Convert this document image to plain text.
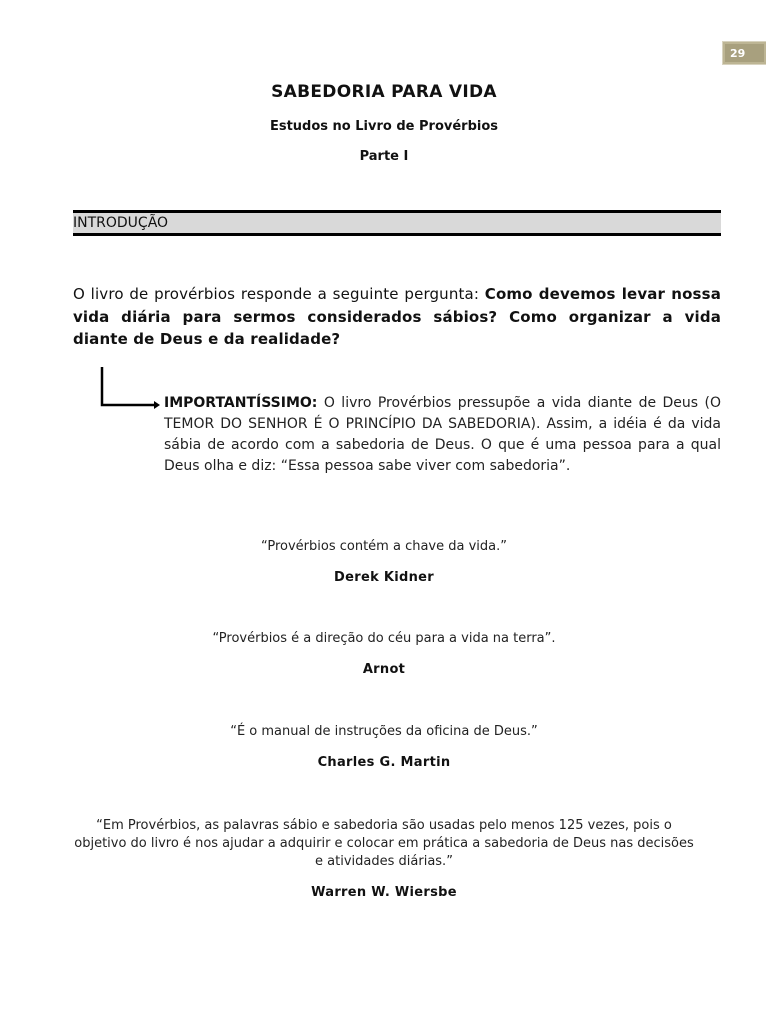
29
SABEDORIA PARA VIDA
Estudos no Livro de Provérbios
Parte I
INTRODUÇÃO

O livro de provérbios responde a seguinte pergunta: Como devemos levar nossa vida diária para sermos considerados sábios? Como organizar a vida diante de Deus e da realidade?

IMPORTANTÍSSIMO: O livro Provérbios pressupõe a vida diante de Deus (O TEMOR DO SENHOR É O PRINCÍPIO DA SABEDORIA). Assim, a idéia é da vida sábia de acordo com a sabedoria de Deus. O que é uma pessoa para a qual Deus olha e diz: “Essa pessoa sabe viver com sabedoria”.

“Provérbios contém a chave da vida.”
Derek Kidner
“Provérbios é a direção do céu para a vida na terra”.
Arnot
“É o manual de instruções da oficina de Deus.”
Charles G. Martin
“Em Provérbios, as palavras sábio e sabedoria são usadas pelo menos 125 vezes, pois o objetivo do livro é nos ajudar a adquirir e colocar em prática a sabedoria de Deus nas decisões e atividades diárias.”
Warren W. Wiersbe
